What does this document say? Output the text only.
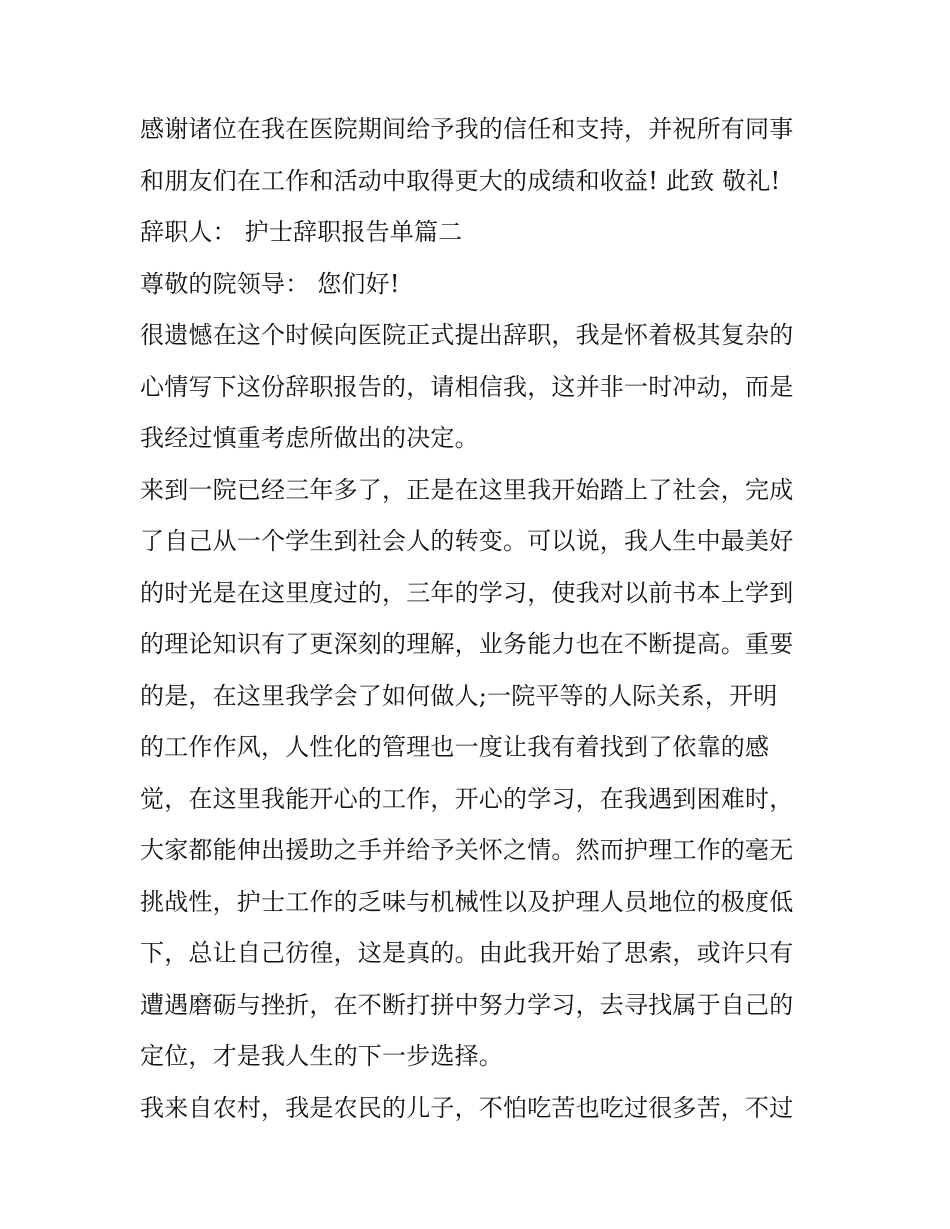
感谢诸位在我在医院期间给予我的信任和支持，并祝所有同事
和朋友们在工作和活动中取得更大的成绩和收益! 此致 敬礼!
辞职人： 护士辞职报告单篇二
尊敬的院领导： 您们好!
很遗憾在这个时候向医院正式提出辞职，我是怀着极其复杂的
心情写下这份辞职报告的，请相信我，这并非一时冲动，而是
我经过慎重考虑所做出的决定。
来到一院已经三年多了，正是在这里我开始踏上了社会，完成
了自己从一个学生到社会人的转变。可以说，我人生中最美好
的时光是在这里度过的，三年的学习，使我对以前书本上学到
的理论知识有了更深刻的理解，业务能力也在不断提高。重要
的是，在这里我学会了如何做人;一院平等的人际关系，开明
的工作作风，人性化的管理也一度让我有着找到了依靠的感
觉，在这里我能开心的工作，开心的学习，在我遇到困难时，
大家都能伸出援助之手并给予关怀之情。然而护理工作的毫无
挑战性，护士工作的乏味与机械性以及护理人员地位的极度低
下，总让自己彷徨，这是真的。由此我开始了思索，或许只有
遭遇磨砺与挫折，在不断打拼中努力学习，去寻找属于自己的
定位，才是我人生的下一步选择。
我来自农村，我是农民的儿子，不怕吃苦也吃过很多苦，不过
